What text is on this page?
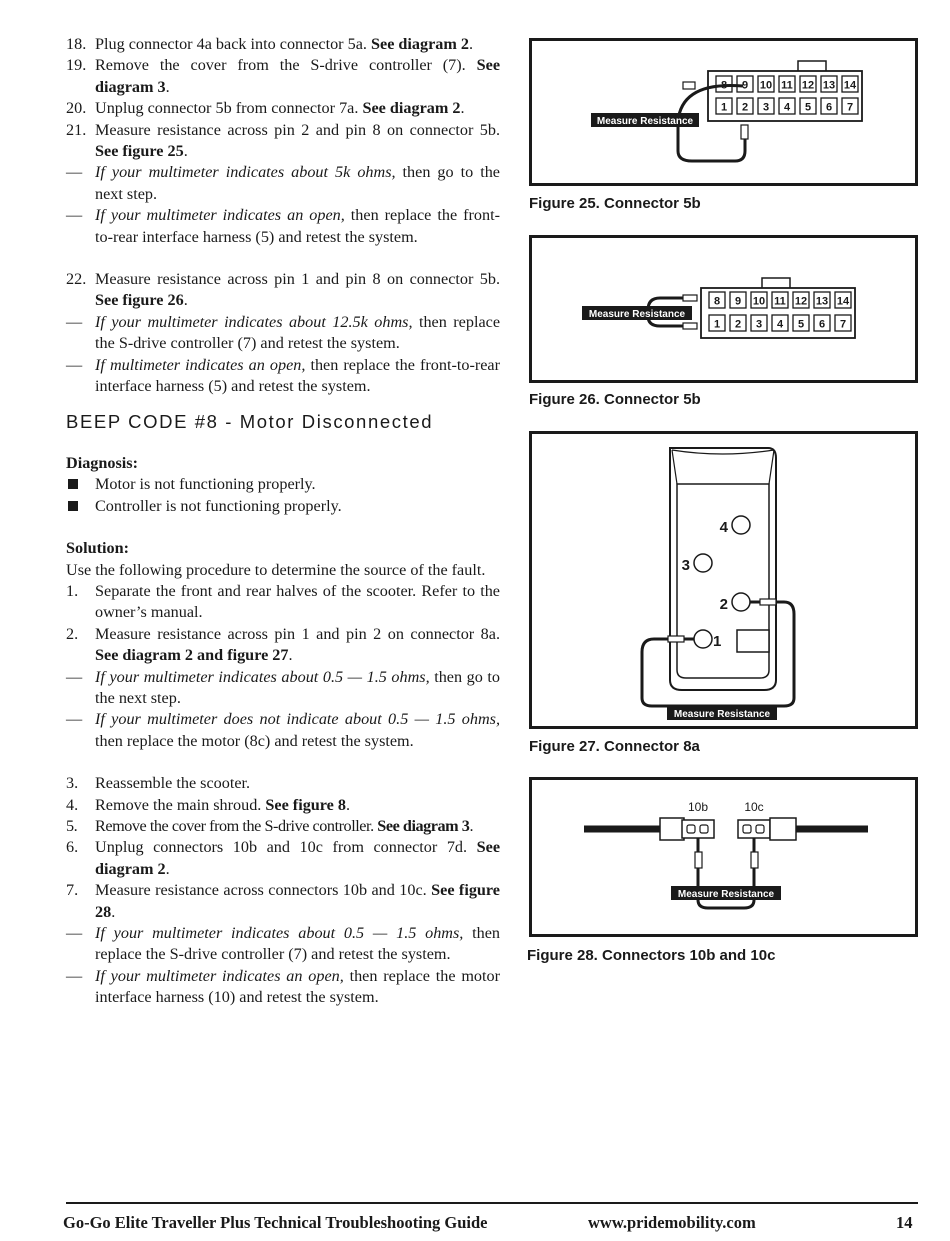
18. Plug connector 4a back into connector 5a. See diagram 2.
19. Remove the cover from the S-drive controller (7). See diagram 3.
20. Unplug connector 5b from connector 7a. See diagram 2.
21. Measure resistance across pin 2 and pin 8 on connector 5b. See figure 25.
— If your multimeter indicates about 5k ohms, then go to the next step.
— If your multimeter indicates an open, then replace the front-to-rear interface harness (5) and retest the system.
22. Measure resistance across pin 1 and pin 8 on connector 5b. See figure 26.
— If your multimeter indicates about 12.5k ohms, then replace the S-drive controller (7) and retest the system.
— If multimeter indicates an open, then replace the front-to-rear interface harness (5) and retest the system.
BEEP CODE #8 - Motor Disconnected
Diagnosis:
Motor is not functioning properly.
Controller is not functioning properly.
Solution:
Use the following procedure to determine the source of the fault.
1. Separate the front and rear halves of the scooter. Refer to the owner’s manual.
2. Measure resistance across pin 1 and pin 2 on connector 8a. See diagram 2 and figure 27.
— If your multimeter indicates about 0.5 — 1.5 ohms, then go to the next step.
— If your multimeter does not indicate about 0.5 — 1.5 ohms, then replace the motor (8c) and retest the system.
3. Reassemble the scooter.
4. Remove the main shroud. See figure 8.
5. Remove the cover from the S-drive controller. See diagram 3.
6. Unplug connectors 10b and 10c from connector 7d. See diagram 2.
7. Measure resistance across connectors 10b and 10c. See figure 28.
— If your multimeter indicates about 0.5 — 1.5 ohms, then replace the S-drive controller (7) and retest the system.
— If your multimeter indicates an open, then replace the motor interface harness (10) and retest the system.
8 9 10 11 12 13 14
1 2 3 4 5 6 7
Measure Resistance
Figure 25. Connector 5b
8 9 10 11 12 13 14
1 2 3 4 5 6 7
Measure Resistance
Figure 26. Connector 5b
4
3
2
1
Measure Resistance
Figure 27. Connector 8a
10b	10c
Measure Resistance
Figure 28. Connectors 10b and 10c
Go-Go Elite Traveller Plus Technical Troubleshooting Guide	www.pridemobility.com	14
